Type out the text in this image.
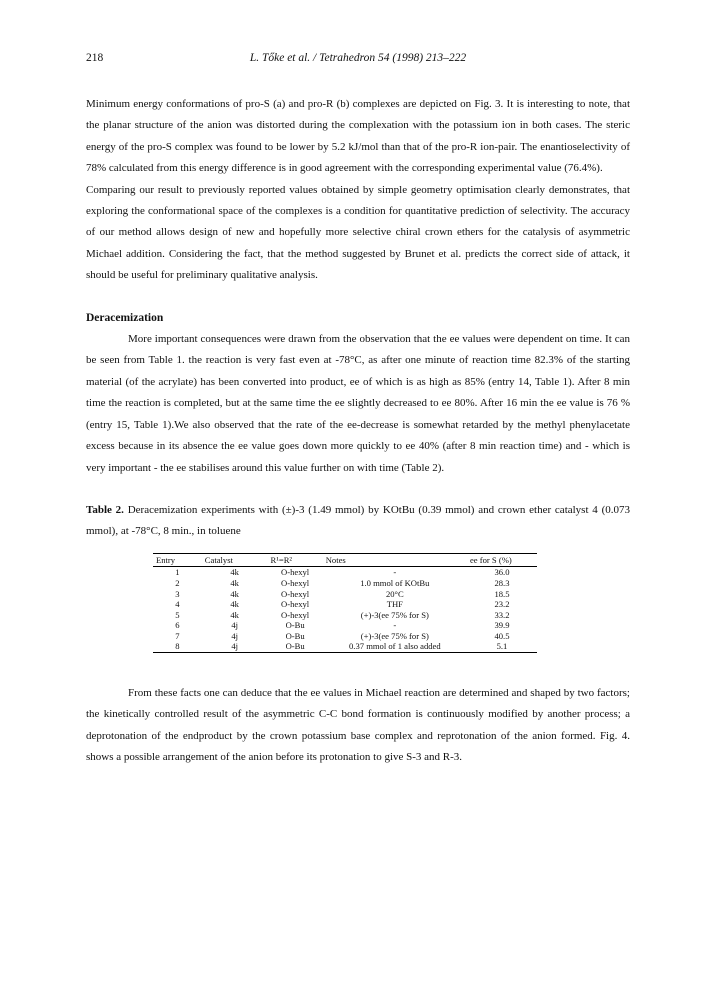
218	L. Tőke et al. / Tetrahedron 54 (1998) 213–222

Minimum energy conformations of pro-S (a) and pro-R (b) complexes are depicted on Fig. 3. It is interesting to note, that the planar structure of the anion was distorted during the complexation with the potassium ion in both cases. The steric energy of the pro-S complex was found to be lower by 5.2 kJ/mol than that of the pro-R ion-pair. The enantioselectivity of 78% calculated from this energy difference is in good agreement with the corresponding experimental value (76.4%).

Comparing our result to previously reported values obtained by simple geometry optimisation clearly demonstrates, that exploring the conformational space of the complexes is a condition for quantitative prediction of selectivity. The accuracy of our method allows design of new and hopefully more selective chiral crown ethers for the catalysis of asymmetric Michael addition. Considering the fact, that the method suggested by Brunet et al. predicts the correct side of attack, it should be useful for preliminary qualitative analysis.

Deracemization

More important consequences were drawn from the observation that the ee values were dependent on time. It can be seen from Table 1. the reaction is very fast even at -78°C, as after one minute of reaction time 82.3% of the starting material (of the acrylate) has been converted into product, ee of which is as high as 85% (entry 14, Table 1). After 8 min time the reaction is completed, but at the same time the ee slightly decreased to ee 80%. After 16 min the ee value is 76 % (entry 15, Table 1).We also observed that the rate of the ee-decrease is somewhat retarded by the methyl phenylacetate excess because in its absence the ee value goes down more quickly to ee 40% (after 8 min reaction time) and - which is very important - the ee stabilises around this value further on with time (Table 2).

Table 2. Deracemization experiments with (±)-3 (1.49 mmol) by KOtBu (0.39 mmol) and crown ether catalyst 4 (0.073 mmol), at -78°C, 8 min., in toluene

Entry	Catalyst	R¹=R²	Notes	ee for S (%)
1	4k	O-hexyl	-	36.0
2	4k	O-hexyl	1.0 mmol of KOtBu	28.3
3	4k	O-hexyl	20°C	18.5
4	4k	O-hexyl	THF	23.2
5	4k	O-hexyl	(+)-3(ee 75% for S)	33.2
6	4j	O-Bu	-	39.9
7	4j	O-Bu	(+)-3(ee 75% for S)	40.5
8	4j	O-Bu	0.37 mmol of 1 also added	5.1

From these facts one can deduce that the ee values in Michael reaction are determined and shaped by two factors; the kinetically controlled result of the asymmetric C-C bond formation is continuously modified by another process; a deprotonation of the endproduct by the crown potassium base complex and reprotonation of the anion formed. Fig. 4. shows a possible arrangement of the anion before its protonation to give S-3 and R-3.
